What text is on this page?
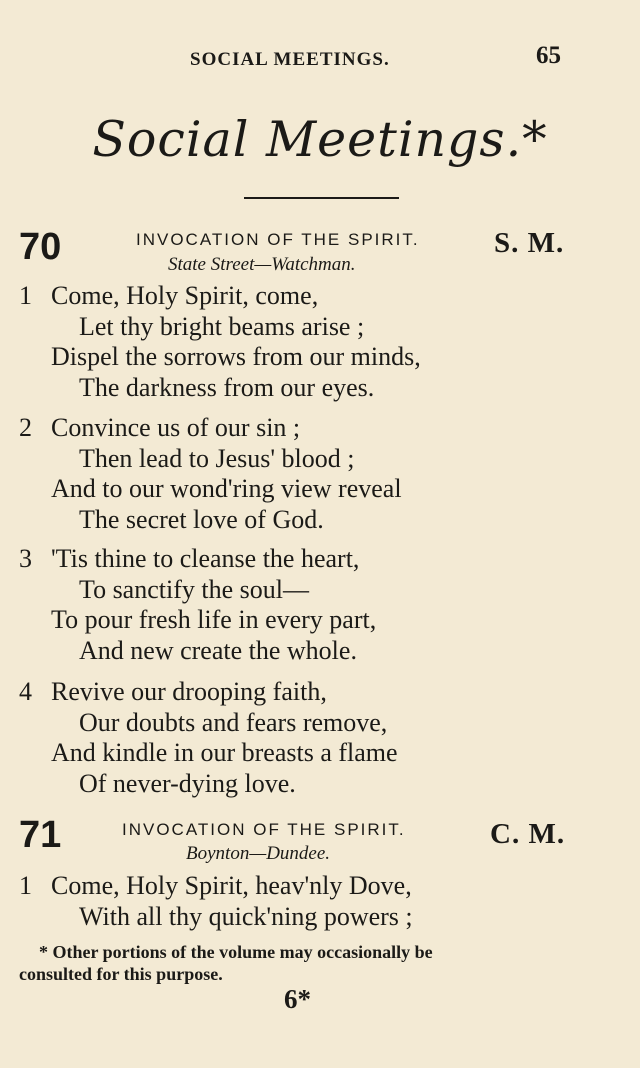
SOCIAL MEETINGS.	65
Social Meetings.*
70	INVOCATION OF THE SPIRIT.
State Street—Watchman.
S. M.
1 Come, Holy Spirit, come,
Let thy bright beams arise ;
Dispel the sorrows from our minds,
The darkness from our eyes.
2 Convince us of our sin ;
Then lead to Jesus' blood ;
And to our wond'ring view reveal
The secret love of God.
3 'Tis thine to cleanse the heart,
To sanctify the soul—
To pour fresh life in every part,
And new create the whole.
4 Revive our drooping faith,
Our doubts and fears remove,
And kindle in our breasts a flame
Of never-dying love.
71	INVOCATION OF THE SPIRIT.
Boynton—Dundee.
C. M.
1 Come, Holy Spirit, heav'nly Dove,
With all thy quick'ning powers ;
* Other portions of the volume may occasionally be
consulted for this purpose.
6*
